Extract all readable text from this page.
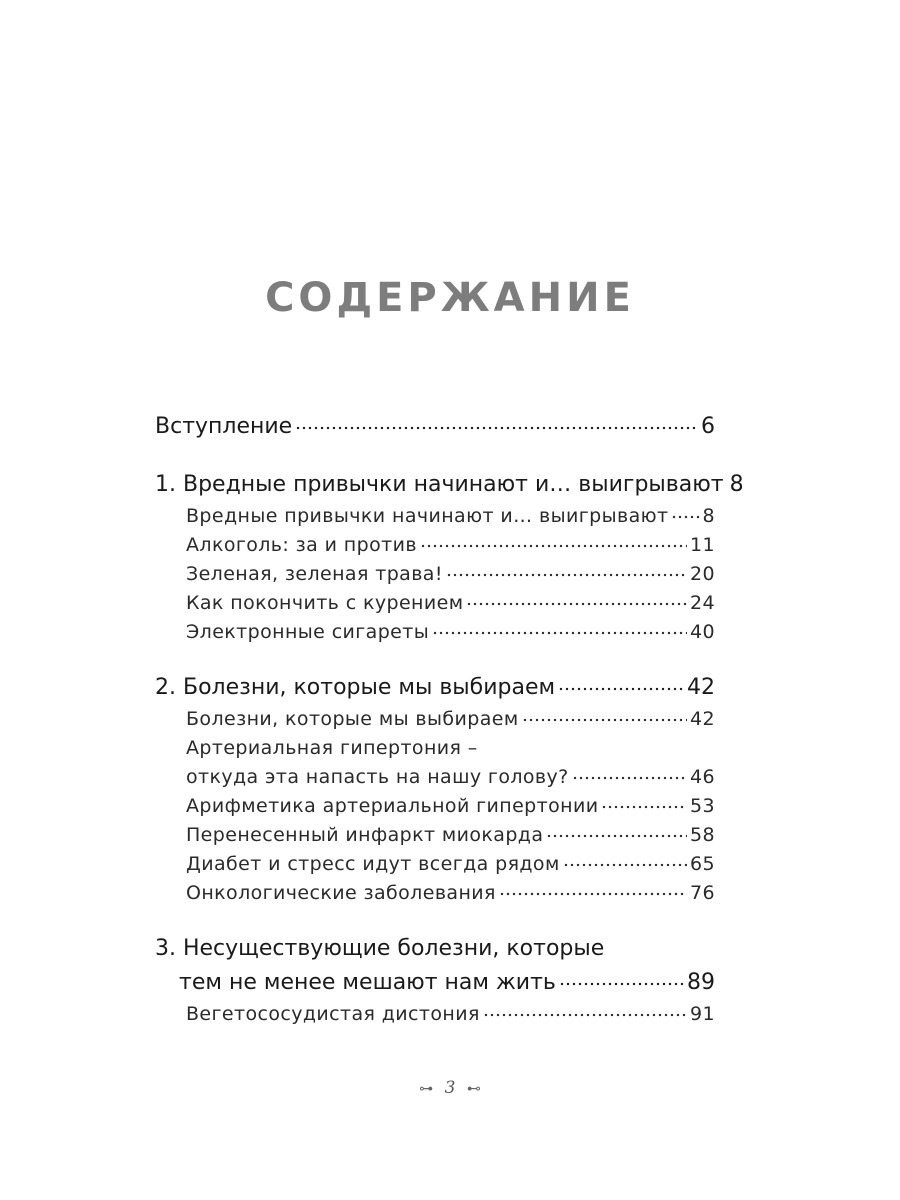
СОДЕРЖАНИЕ
Вступление	6
1. Вредные привычки начинают и… выигрывают 8
Вредные привычки начинают и… выигрывают 8
Алкоголь: за и против	11
Зеленая, зеленая трава!	20
Как покончить с курением	24
Электронные сигареты	40
2. Болезни, которые мы выбираем	42
Болезни, которые мы выбираем	42
Артериальная гипертония –
откуда эта напасть на нашу голову?	46
Арифметика артериальной гипертонии	53
Перенесенный инфаркт миокарда	58
Диабет и стресс идут всегда рядом	65
Онкологические заболевания	76
3. Несуществующие болезни, которые
тем не менее мешают нам жить	89
Вегетососудистая дистония	91
⊶ 3 ⊷
